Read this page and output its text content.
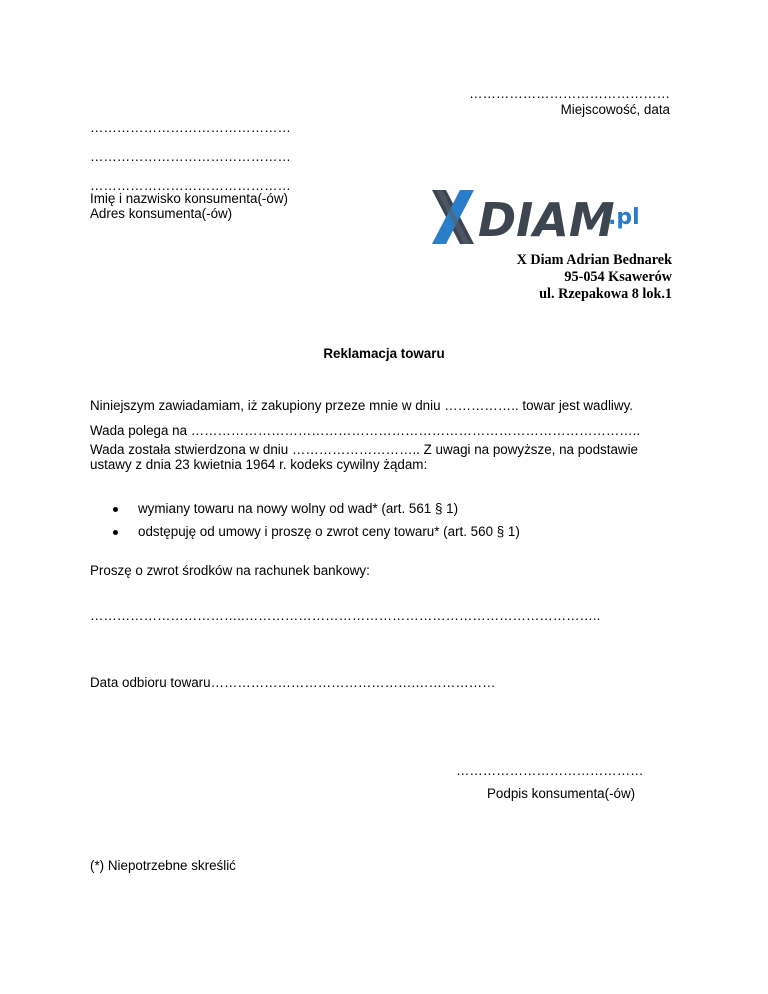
………………………………………
Miejscowość, data
………………………………………
………………………………………
………………………………………
Imię i nazwisko konsumenta(-ów)
Adres konsumenta(-ów)	DIAM
.pl
X Diam Adrian Bednarek
95-054 Ksawerów
ul. Rzepakowa 8 lok.1
Reklamacja towaru
Niniejszym zawiadamiam, iż zakupiony przeze mnie w dniu …………….. towar jest wadliwy.
Wada polega na ………………………………………………………………………………………..
Wada została stwierdzona w dniu ……………………….. Z uwagi na powyższe, na podstawie
ustawy z dnia 23 kwietnia 1964 r. kodeks cywilny żądam:
wymiany towaru na nowy wolny od wad* (art. 561 § 1)
odstępuję od umowy i proszę o zwrot ceny towaru* (art. 560 § 1)
Proszę o zwrot środków na rachunek bankowy:
……………………………..……………………………………………………………………..
Data odbioru towaru……………………………………….………………
……………………………………
Podpis konsumenta(-ów)
(*) Niepotrzebne skreślić
